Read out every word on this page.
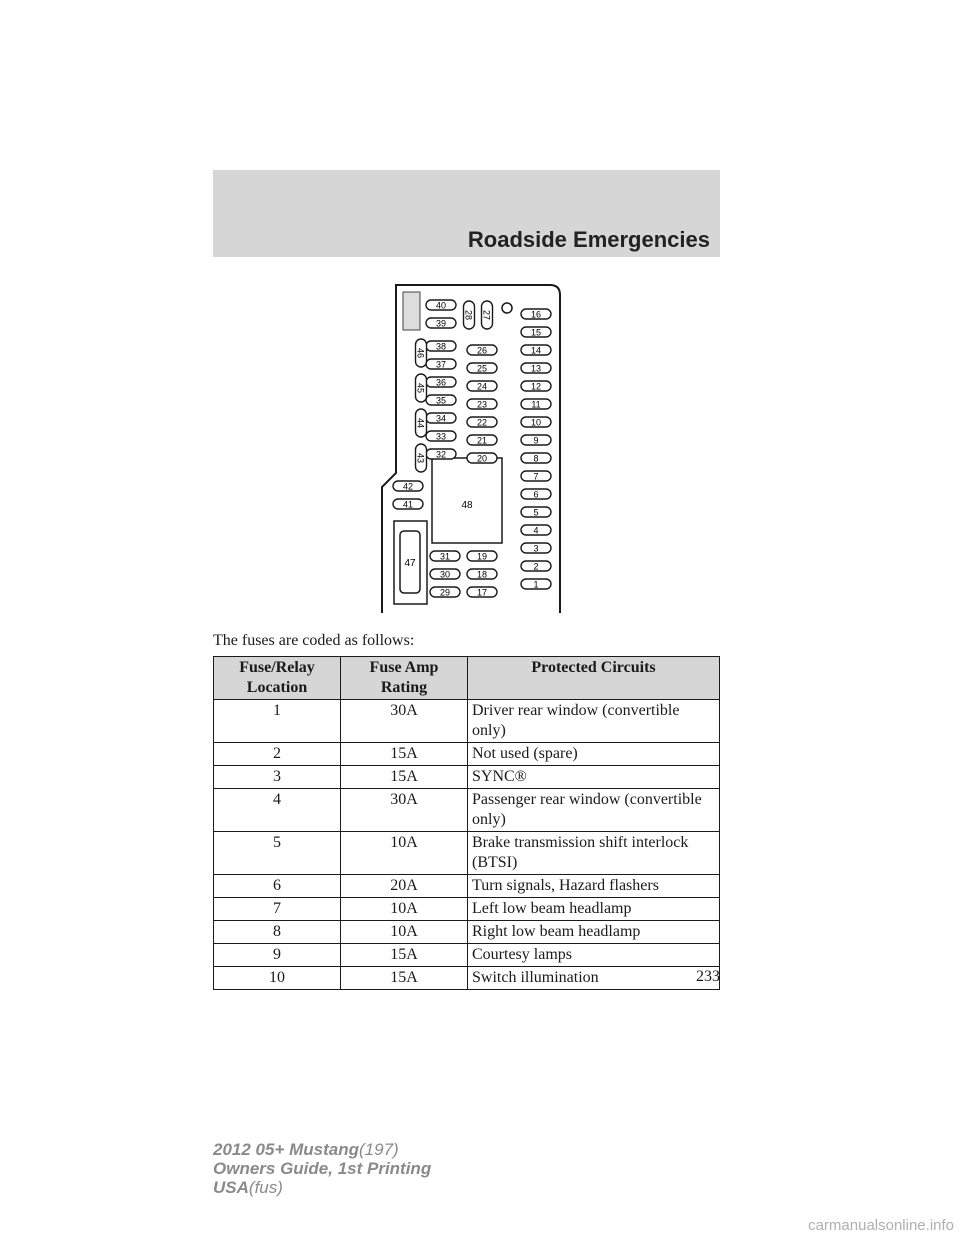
Roadside Emergencies
48
47
16
15
14
13
12
11
10
9
8
7
6
5
4
3
2
1
26
25
24
23
22
21
20
19
18
17
40
39
38
37
36
35
34
33
32
31
30
29
46
45
44
43
28 27
42
41
The fuses are coded as follows:
Fuse/Relay Location	Fuse Amp Rating	Protected Circuits
1	30A	Driver rear window (convertible only)
2	15A	Not used (spare)
3	15A	SYNC®
4	30A	Passenger rear window (convertible only)
5	10A	Brake transmission shift interlock (BTSI)
6	20A	Turn signals, Hazard flashers
7	10A	Left low beam headlamp
8	10A	Right low beam headlamp
9	15A	Courtesy lamps
10	15A	Switch illumination	233
2012 05+ Mustang(197)
Owners Guide, 1st Printing
USA(fus)
carmanualsonline.info
